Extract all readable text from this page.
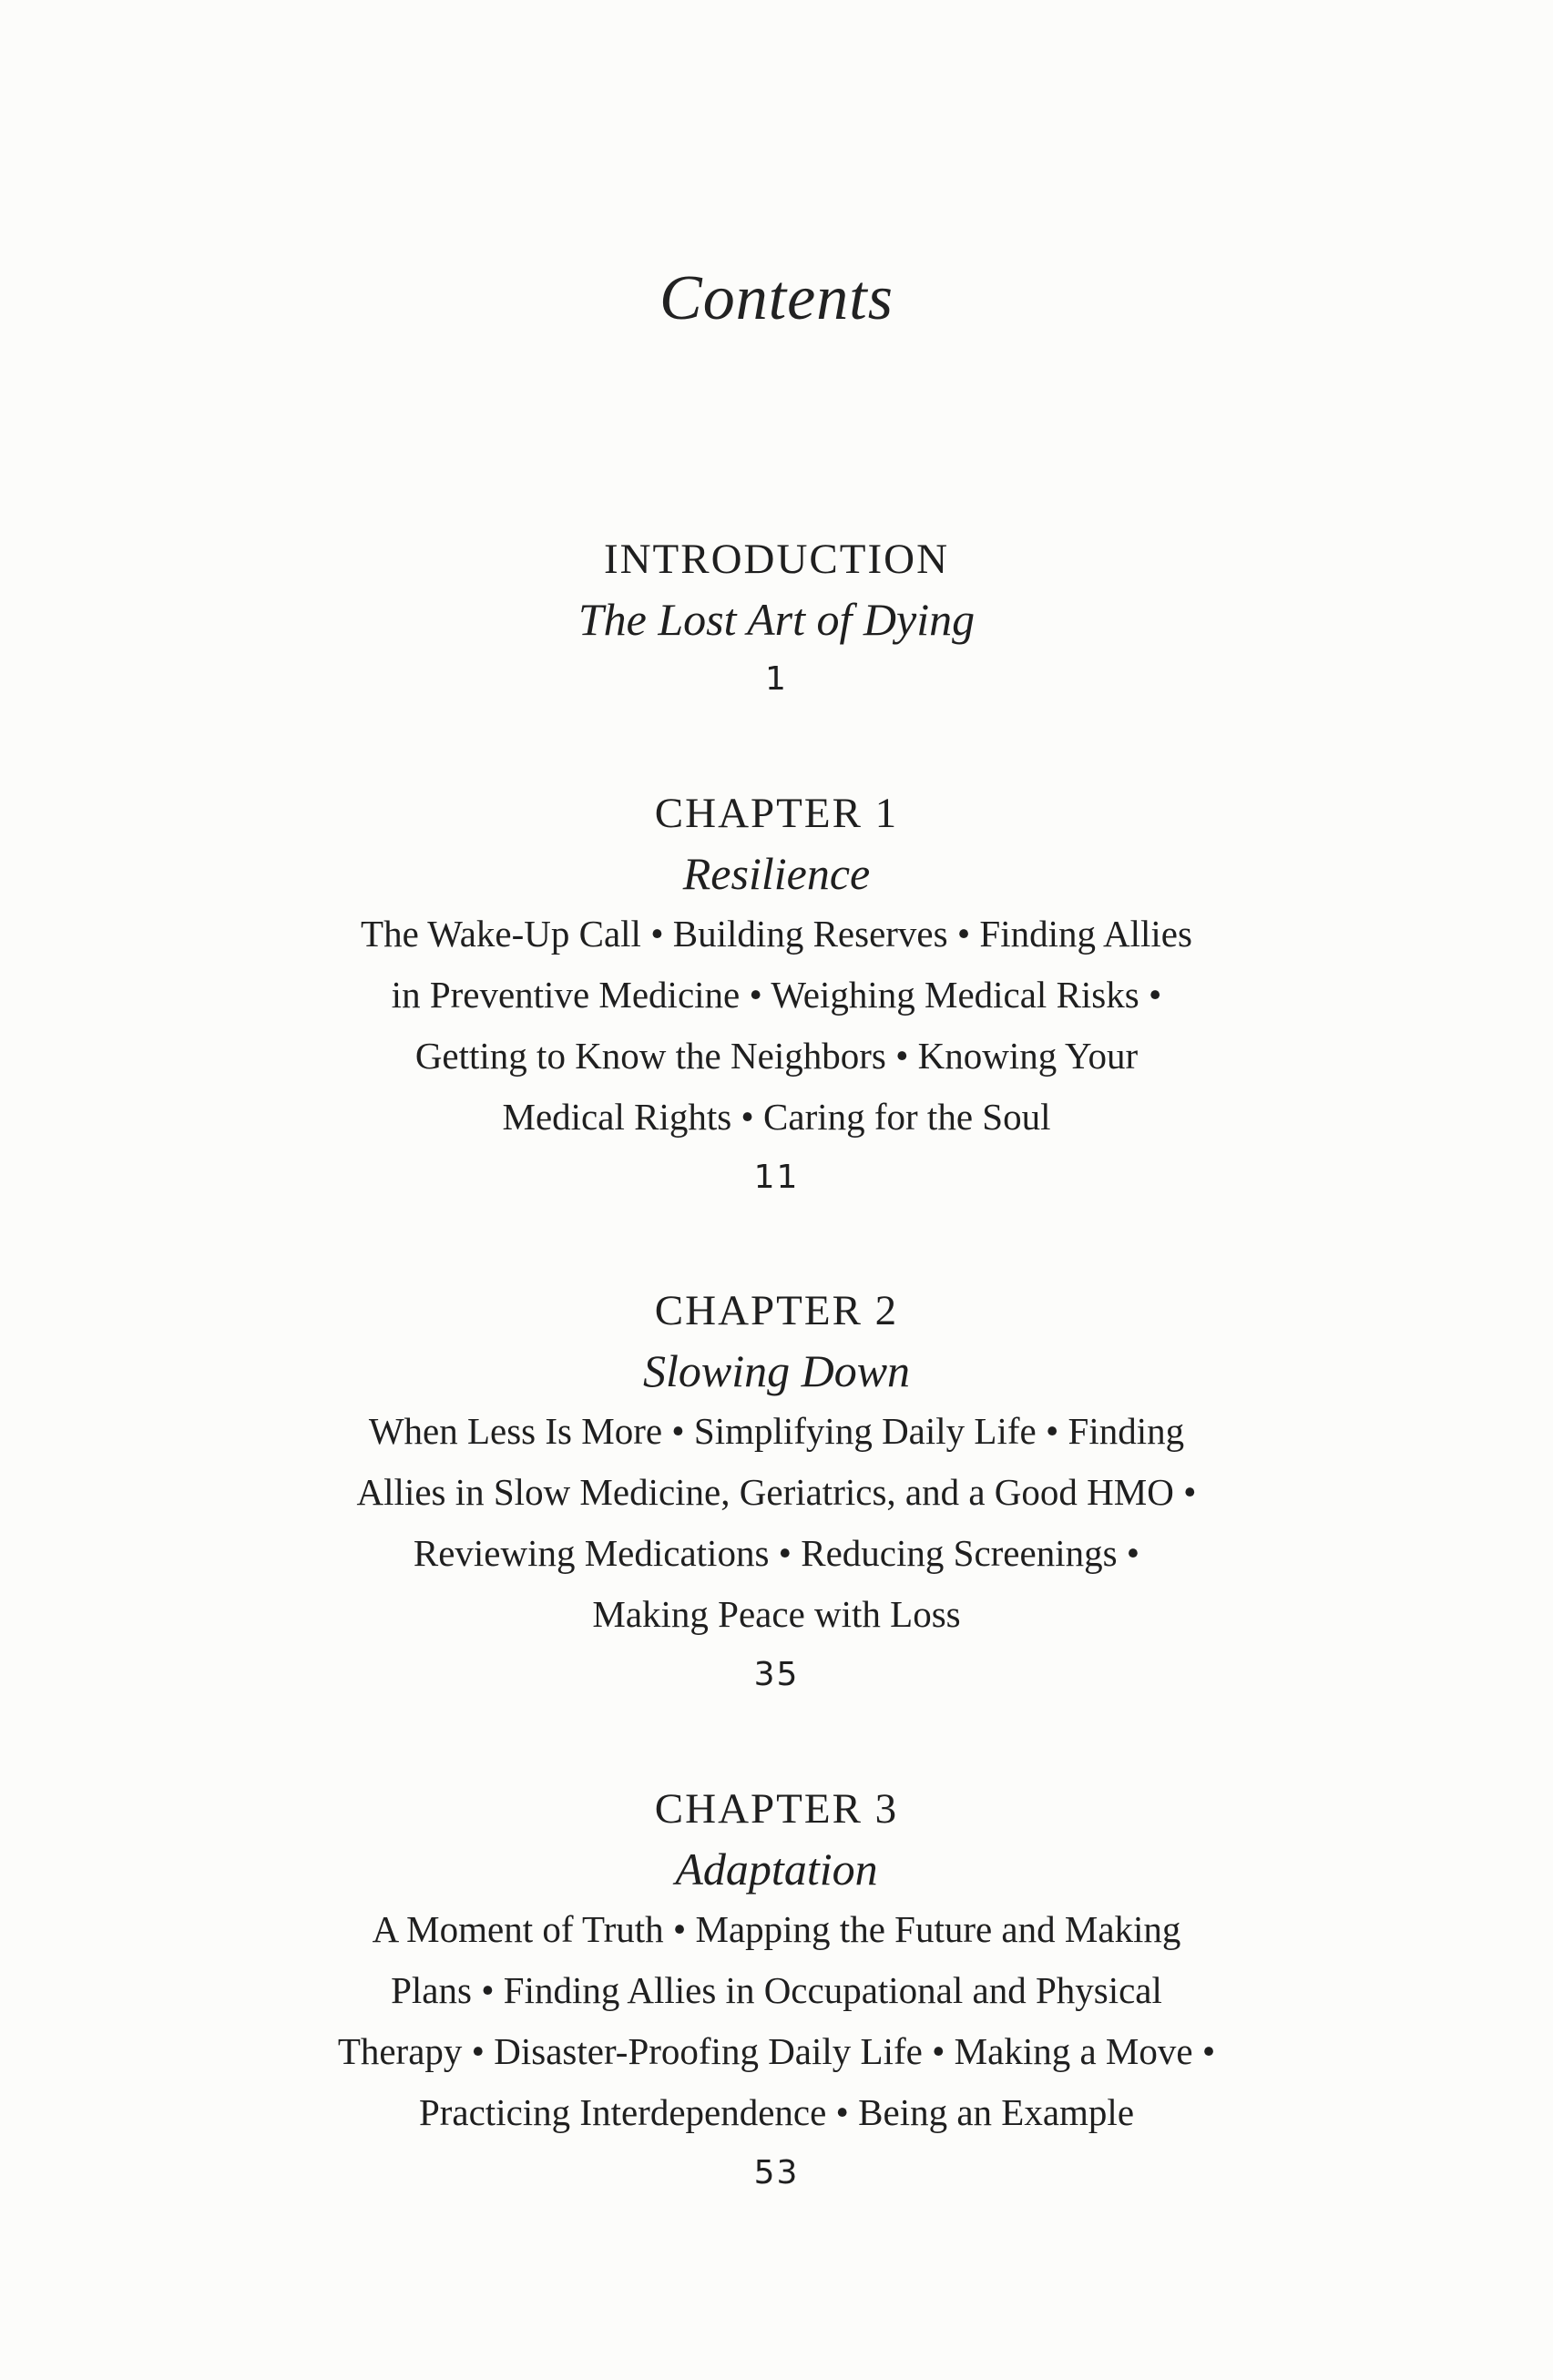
Contents
INTRODUCTION
The Lost Art of Dying
1
CHAPTER 1
Resilience
The Wake-Up Call • Building Reserves • Finding Allies
in Preventive Medicine • Weighing Medical Risks •
Getting to Know the Neighbors • Knowing Your
Medical Rights • Caring for the Soul
11
CHAPTER 2
Slowing Down
When Less Is More • Simplifying Daily Life • Finding
Allies in Slow Medicine, Geriatrics, and a Good HMO •
Reviewing Medications • Reducing Screenings •
Making Peace with Loss
35
CHAPTER 3
Adaptation
A Moment of Truth • Mapping the Future and Making
Plans • Finding Allies in Occupational and Physical
Therapy • Disaster-Proofing Daily Life • Making a Move •
Practicing Interdependence • Being an Example
53
